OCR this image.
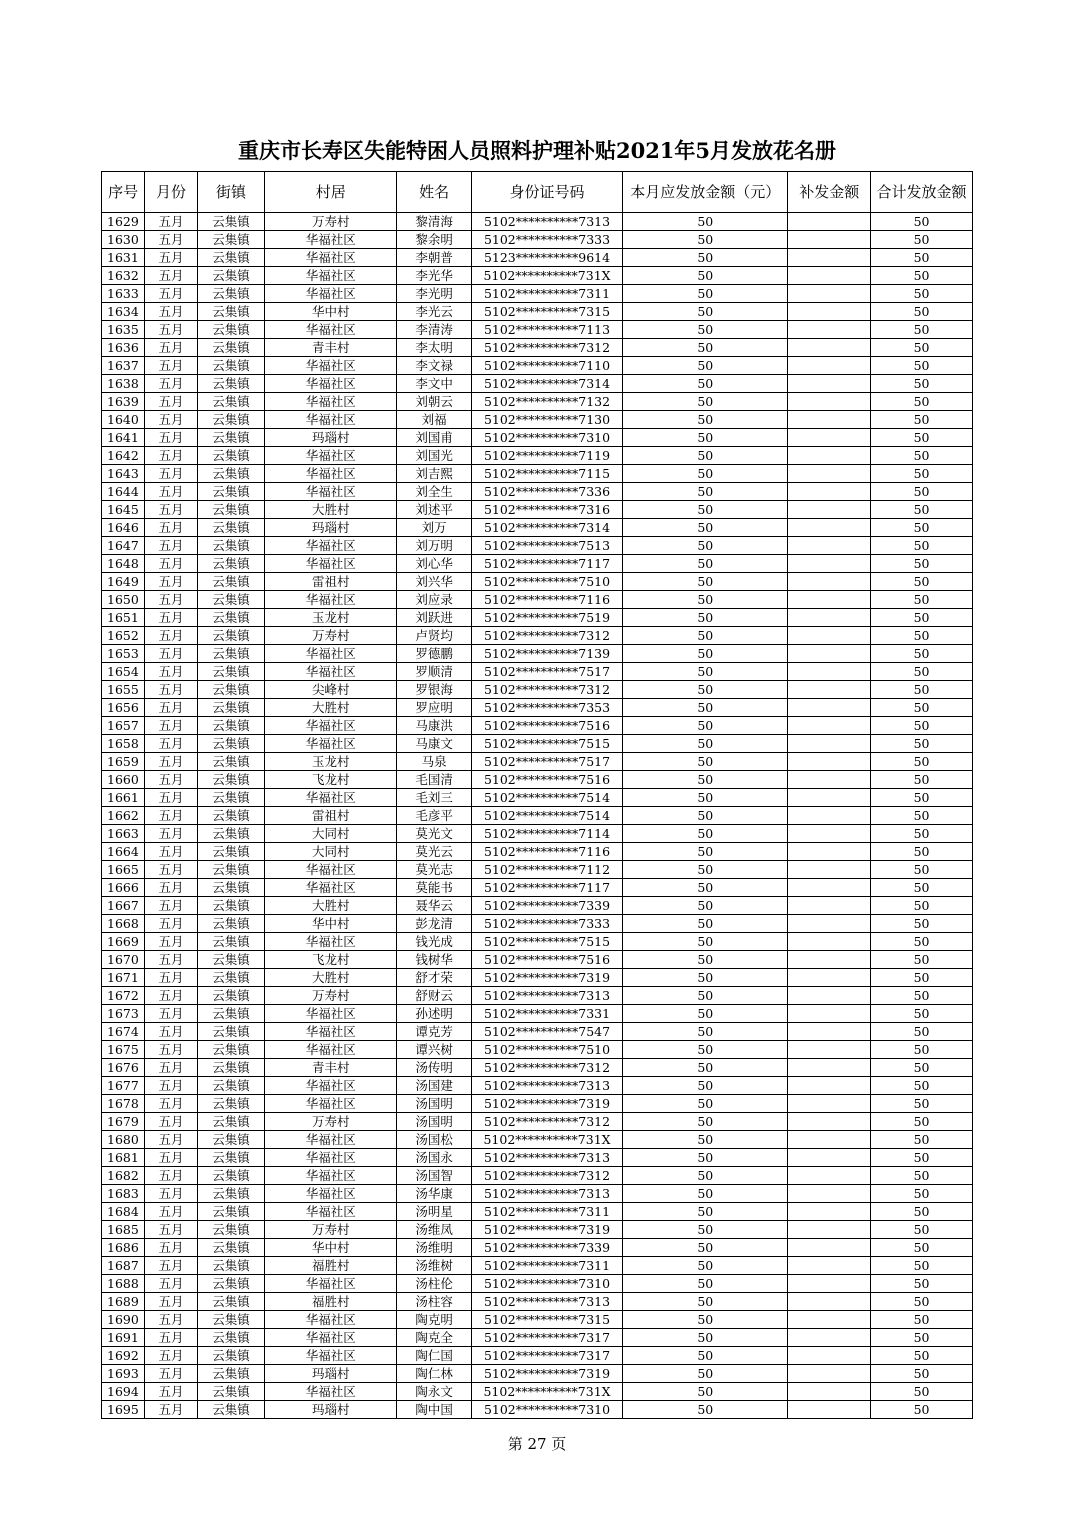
重庆市长寿区失能特困人员照料护理补贴2021年5月发放花名册
序号	月份	街镇	村居	姓名	身份证号码	本月应发放金额（元）	补发金额	合计发放金额
1629	五月	云集镇	万寿村	黎清海	5102**********7313	50		50
1630	五月	云集镇	华福社区	黎余明	5102**********7333	50		50
1631	五月	云集镇	华福社区	李朝普	5123**********9614	50		50
1632	五月	云集镇	华福社区	李光华	5102**********731X	50		50
1633	五月	云集镇	华福社区	李光明	5102**********7311	50		50
1634	五月	云集镇	华中村	李光云	5102**********7315	50		50
1635	五月	云集镇	华福社区	李清涛	5102**********7113	50		50
1636	五月	云集镇	青丰村	李太明	5102**********7312	50		50
1637	五月	云集镇	华福社区	李文禄	5102**********7110	50		50
1638	五月	云集镇	华福社区	李文中	5102**********7314	50		50
1639	五月	云集镇	华福社区	刘朝云	5102**********7132	50		50
1640	五月	云集镇	华福社区	刘福	5102**********7130	50		50
1641	五月	云集镇	玛瑙村	刘国甫	5102**********7310	50		50
1642	五月	云集镇	华福社区	刘国光	5102**********7119	50		50
1643	五月	云集镇	华福社区	刘吉熙	5102**********7115	50		50
1644	五月	云集镇	华福社区	刘全生	5102**********7336	50		50
1645	五月	云集镇	大胜村	刘述平	5102**********7316	50		50
1646	五月	云集镇	玛瑙村	刘万	5102**********7314	50		50
1647	五月	云集镇	华福社区	刘万明	5102**********7513	50		50
1648	五月	云集镇	华福社区	刘心华	5102**********7117	50		50
1649	五月	云集镇	雷祖村	刘兴华	5102**********7510	50		50
1650	五月	云集镇	华福社区	刘应录	5102**********7116	50		50
1651	五月	云集镇	玉龙村	刘跃进	5102**********7519	50		50
1652	五月	云集镇	万寿村	卢贤均	5102**********7312	50		50
1653	五月	云集镇	华福社区	罗德鹏	5102**********7139	50		50
1654	五月	云集镇	华福社区	罗顺清	5102**********7517	50		50
1655	五月	云集镇	尖峰村	罗银海	5102**********7312	50		50
1656	五月	云集镇	大胜村	罗应明	5102**********7353	50		50
1657	五月	云集镇	华福社区	马康洪	5102**********7516	50		50
1658	五月	云集镇	华福社区	马康文	5102**********7515	50		50
1659	五月	云集镇	玉龙村	马泉	5102**********7517	50		50
1660	五月	云集镇	飞龙村	毛国清	5102**********7516	50		50
1661	五月	云集镇	华福社区	毛刘三	5102**********7514	50		50
1662	五月	云集镇	雷祖村	毛彦平	5102**********7514	50		50
1663	五月	云集镇	大同村	莫光文	5102**********7114	50		50
1664	五月	云集镇	大同村	莫光云	5102**********7116	50		50
1665	五月	云集镇	华福社区	莫光志	5102**********7112	50		50
1666	五月	云集镇	华福社区	莫能书	5102**********7117	50		50
1667	五月	云集镇	大胜村	聂华云	5102**********7339	50		50
1668	五月	云集镇	华中村	彭龙清	5102**********7333	50		50
1669	五月	云集镇	华福社区	钱光成	5102**********7515	50		50
1670	五月	云集镇	飞龙村	钱树华	5102**********7516	50		50
1671	五月	云集镇	大胜村	舒才荣	5102**********7319	50		50
1672	五月	云集镇	万寿村	舒财云	5102**********7313	50		50
1673	五月	云集镇	华福社区	孙述明	5102**********7331	50		50
1674	五月	云集镇	华福社区	谭克芳	5102**********7547	50		50
1675	五月	云集镇	华福社区	谭兴树	5102**********7510	50		50
1676	五月	云集镇	青丰村	汤传明	5102**********7312	50		50
1677	五月	云集镇	华福社区	汤国建	5102**********7313	50		50
1678	五月	云集镇	华福社区	汤国明	5102**********7319	50		50
1679	五月	云集镇	万寿村	汤国明	5102**********7312	50		50
1680	五月	云集镇	华福社区	汤国松	5102**********731X	50		50
1681	五月	云集镇	华福社区	汤国永	5102**********7313	50		50
1682	五月	云集镇	华福社区	汤国智	5102**********7312	50		50
1683	五月	云集镇	华福社区	汤华康	5102**********7313	50		50
1684	五月	云集镇	华福社区	汤明星	5102**********7311	50		50
1685	五月	云集镇	万寿村	汤维凤	5102**********7319	50		50
1686	五月	云集镇	华中村	汤维明	5102**********7339	50		50
1687	五月	云集镇	福胜村	汤维树	5102**********7311	50		50
1688	五月	云集镇	华福社区	汤柱伦	5102**********7310	50		50
1689	五月	云集镇	福胜村	汤柱容	5102**********7313	50		50
1690	五月	云集镇	华福社区	陶克明	5102**********7315	50		50
1691	五月	云集镇	华福社区	陶克全	5102**********7317	50		50
1692	五月	云集镇	华福社区	陶仁国	5102**********7317	50		50
1693	五月	云集镇	玛瑙村	陶仁林	5102**********7319	50		50
1694	五月	云集镇	华福社区	陶永文	5102**********731X	50		50
1695	五月	云集镇	玛瑙村	陶中国	5102**********7310	50		50
第 27 页
